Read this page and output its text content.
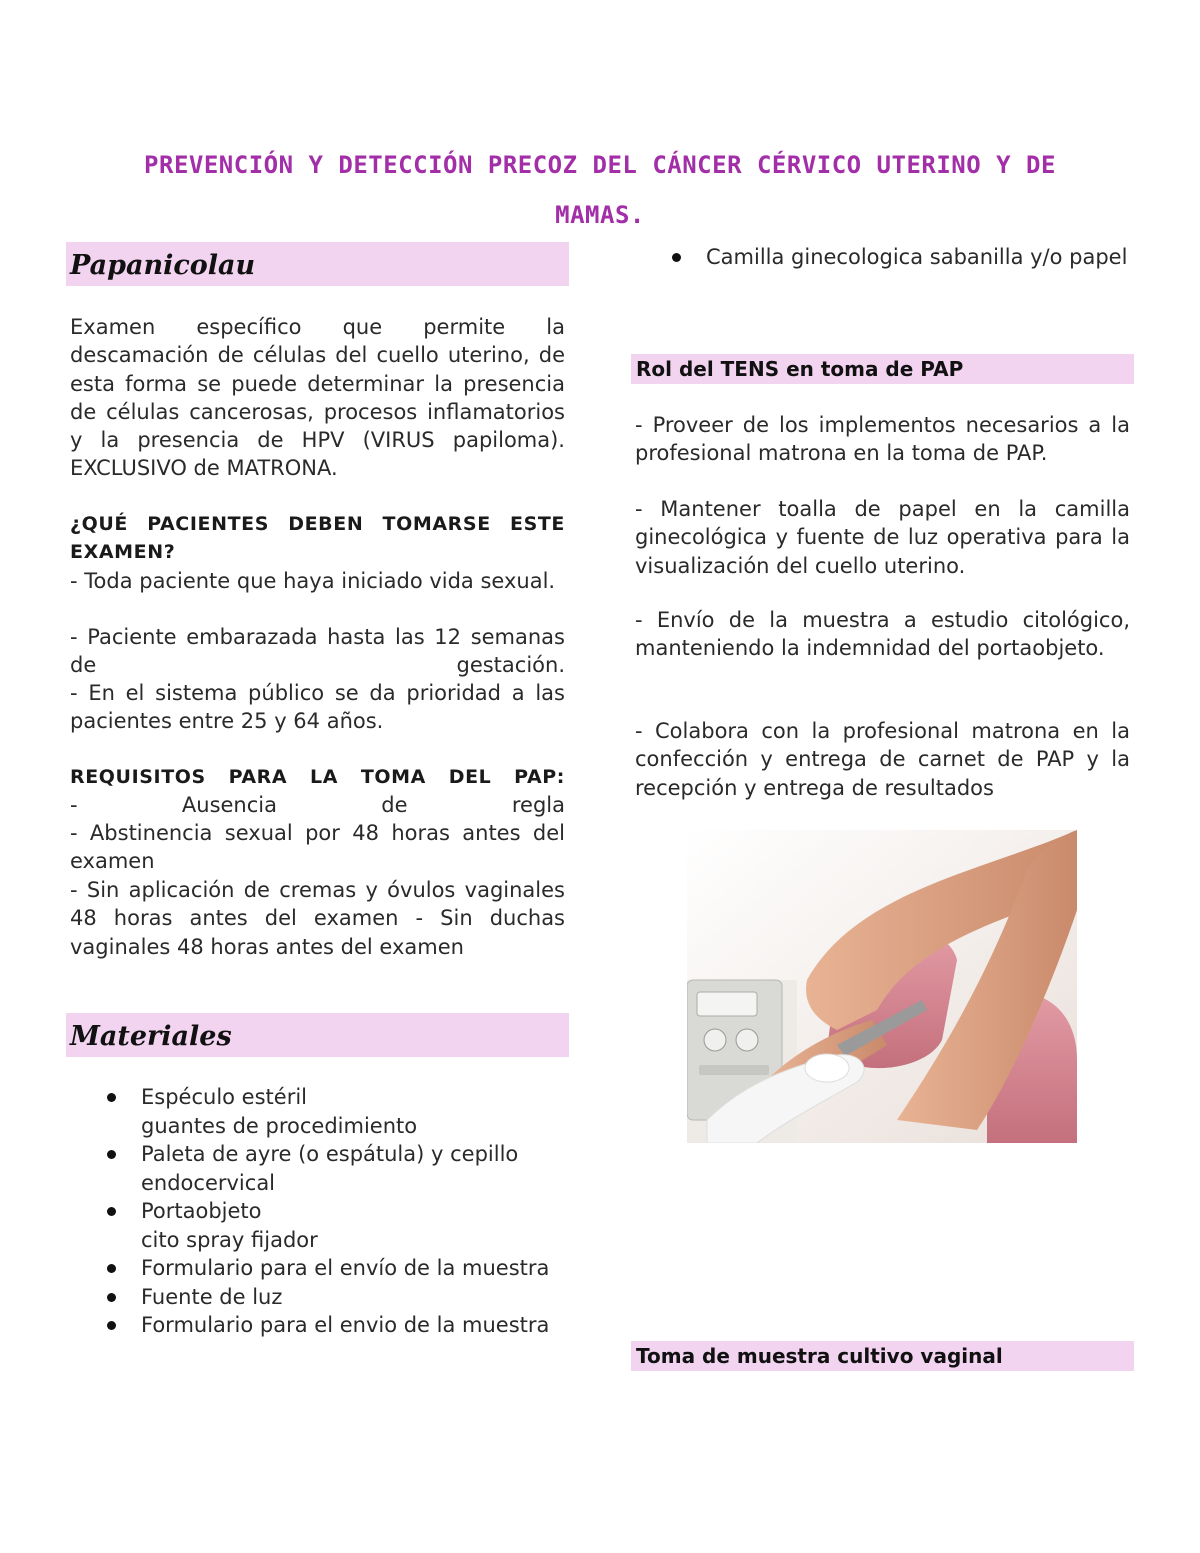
PREVENCIÓN Y DETECCIÓN PRECOZ DEL CÁNCER CÉRVICO UTERINO Y DE MAMAS.
Papanicolau
Examen específico que permite la descamación de células del cuello uterino, de esta forma se puede determinar la presencia de células cancerosas, procesos inflamatorios y la presencia de HPV (VIRUS papiloma). EXCLUSIVO de MATRONA.
¿QUÉ PACIENTES DEBEN TOMARSE ESTE EXAMEN?
- Toda paciente que haya iniciado vida sexual.
- Paciente embarazada hasta las 12 semanas de gestación.
- En el sistema público se da prioridad a las pacientes entre 25 y 64 años.
REQUISITOS PARA LA TOMA DEL PAP:
- Ausencia de regla
- Abstinencia sexual por 48 horas antes del examen
- Sin aplicación de cremas y óvulos vaginales 48 horas antes del examen - Sin duchas vaginales 48 horas antes del examen
Materiales
Espéculo estéril
guantes de procedimiento
Paleta de ayre (o espátula) y cepillo endocervical
Portaobjeto
cito spray fijador
Formulario para el envío de la muestra
Fuente de luz
Formulario para el envio de la muestra
Camilla ginecologica sabanilla y/o papel
Rol del TENS en toma de PAP
- Proveer de los implementos necesarios a la profesional matrona en la toma de PAP.
- Mantener toalla de papel en la camilla ginecológica y fuente de luz operativa para la visualización del cuello uterino.
- Envío de la muestra a estudio citológico, manteniendo la indemnidad del portaobjeto.
- Colabora con la profesional matrona en la confección y entrega de carnet de PAP y la recepción y entrega de resultados
Toma de muestra cultivo vaginal
